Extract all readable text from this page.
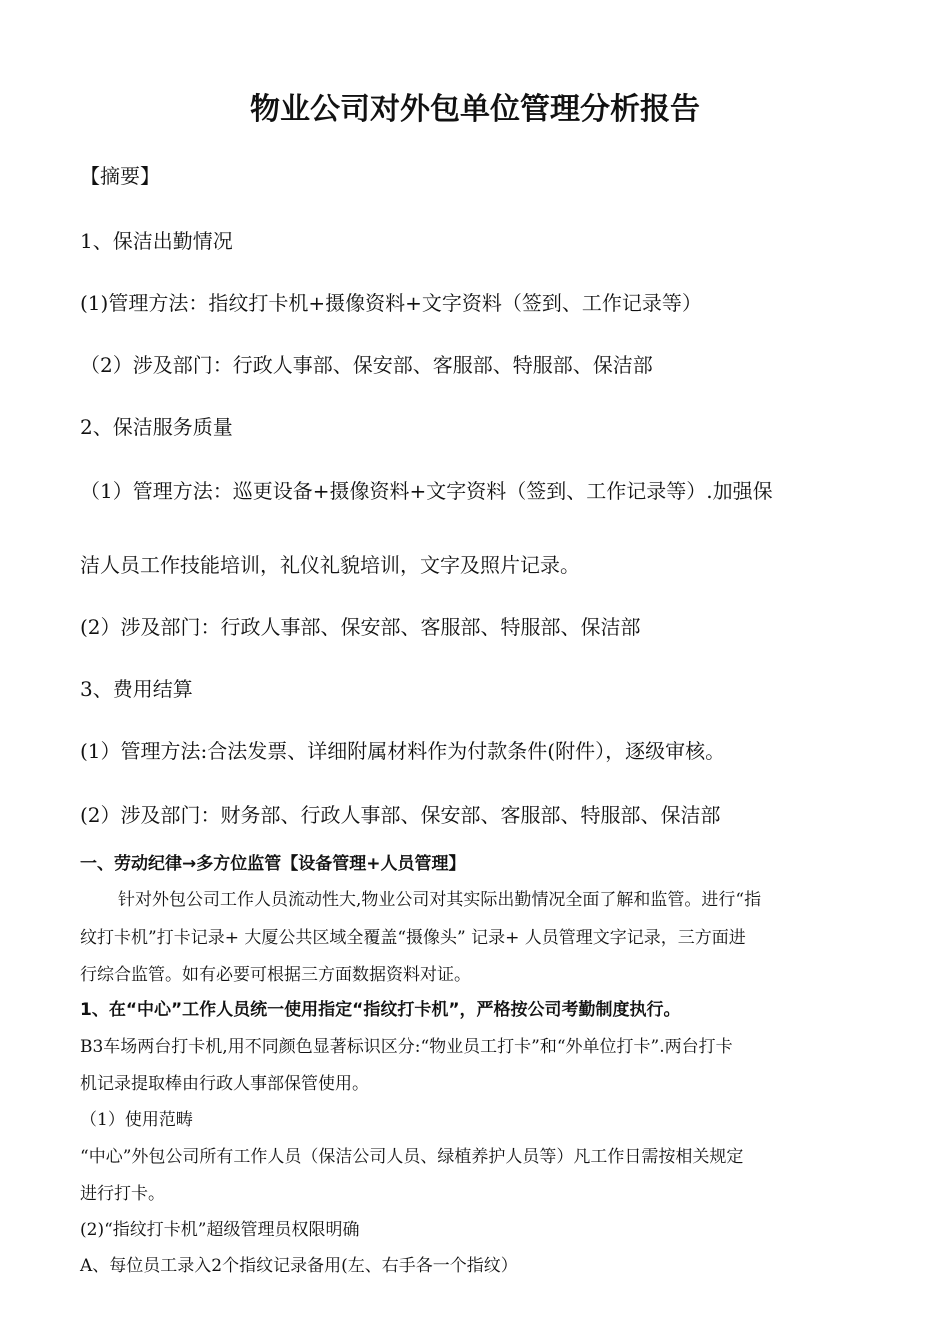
物业公司对外包单位管理分析报告
【摘要】
1、保洁出勤情况
(1)管理方法：指纹打卡机+摄像资料+文字资料（签到、工作记录等）
（2）涉及部门：行政人事部、保安部、客服部、特服部、保洁部
2、保洁服务质量
（1）管理方法：巡更设备+摄像资料+文字资料（签到、工作记录等）.加强保
洁人员工作技能培训，礼仪礼貌培训，文字及照片记录。
(2）涉及部门：行政人事部、保安部、客服部、特服部、保洁部
3、费用结算
(1）管理方法:合法发票、详细附属材料作为付款条件(附件），逐级审核。
(2）涉及部门：财务部、行政人事部、保安部、客服部、特服部、保洁部
一、劳动纪律→多方位监管【设备管理+人员管理】
针对外包公司工作人员流动性大,物业公司对其实际出勤情况全面了解和监管。进行“指
纹打卡机”打卡记录+ 大厦公共区域全覆盖“摄像头” 记录+ 人员管理文字记录，三方面进
行综合监管。如有必要可根据三方面数据资料对证。
1、在“中心”工作人员统一使用指定“指纹打卡机”，严格按公司考勤制度执行。
B3车场两台打卡机,用不同颜色显著标识区分:“物业员工打卡”和“外单位打卡”.两台打卡
机记录提取棒由行政人事部保管使用。
（1）使用范畴
“中心”外包公司所有工作人员（保洁公司人员、绿植养护人员等）凡工作日需按相关规定
进行打卡。
(2)“指纹打卡机”超级管理员权限明确
A、每位员工录入2个指纹记录备用(左、右手各一个指纹）
